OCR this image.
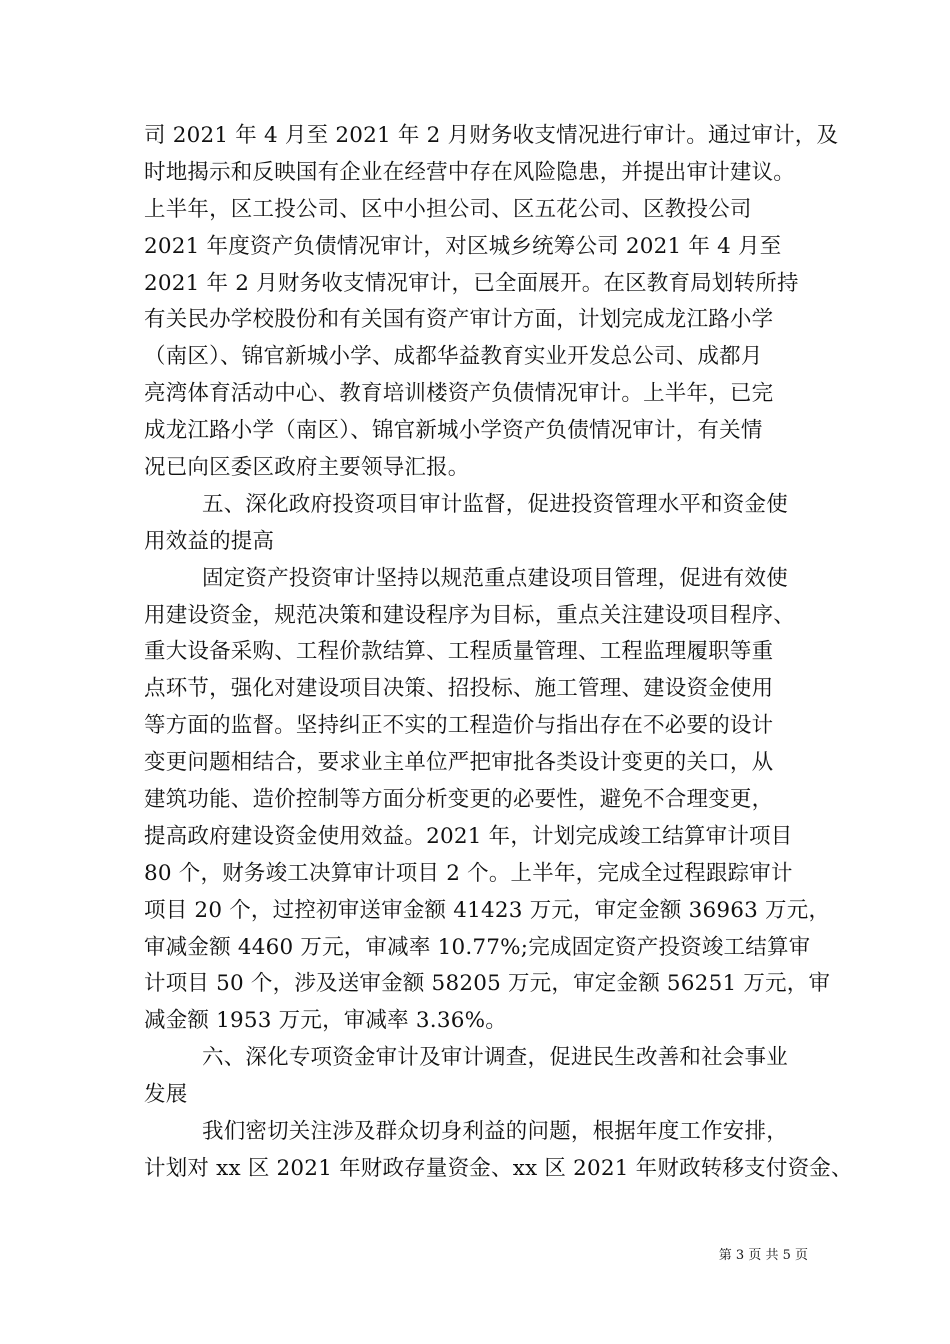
司 2021 年 4 月至 2021 年 2 月财务收支情况进行审计。通过审计，及
时地揭示和反映国有企业在经营中存在风险隐患，并提出审计建议。
上半年，区工投公司、区中小担公司、区五花公司、区教投公司
2021 年度资产负债情况审计，对区城乡统筹公司 2021 年 4 月至
2021 年 2 月财务收支情况审计，已全面展开。在区教育局划转所持
有关民办学校股份和有关国有资产审计方面，计划完成龙江路小学
（南区）、锦官新城小学、成都华益教育实业开发总公司、成都月
亮湾体育活动中心、教育培训楼资产负债情况审计。上半年，已完
成龙江路小学（南区）、锦官新城小学资产负债情况审计，有关情
况已向区委区政府主要领导汇报。
五、深化政府投资项目审计监督，促进投资管理水平和资金使
用效益的提高
固定资产投资审计坚持以规范重点建设项目管理，促进有效使
用建设资金，规范决策和建设程序为目标，重点关注建设项目程序、
重大设备采购、工程价款结算、工程质量管理、工程监理履职等重
点环节，强化对建设项目决策、招投标、施工管理、建设资金使用
等方面的监督。坚持纠正不实的工程造价与指出存在不必要的设计
变更问题相结合，要求业主单位严把审批各类设计变更的关口，从
建筑功能、造价控制等方面分析变更的必要性，避免不合理变更，
提高政府建设资金使用效益。2021 年，计划完成竣工结算审计项目
80 个，财务竣工决算审计项目 2 个。上半年，完成全过程跟踪审计
项目 20 个，过控初审送审金额 41423 万元，审定金额 36963 万元，
审减金额 4460 万元，审减率 10.77%;完成固定资产投资竣工结算审
计项目 50 个，涉及送审金额 58205 万元，审定金额 56251 万元，审
减金额 1953 万元，审减率 3.36%。
六、深化专项资金审计及审计调查，促进民生改善和社会事业
发展
我们密切关注涉及群众切身利益的问题，根据年度工作安排，
计划对 xx 区 2021 年财政存量资金、xx 区 2021 年财政转移支付资金、
第 3 页 共 5 页
